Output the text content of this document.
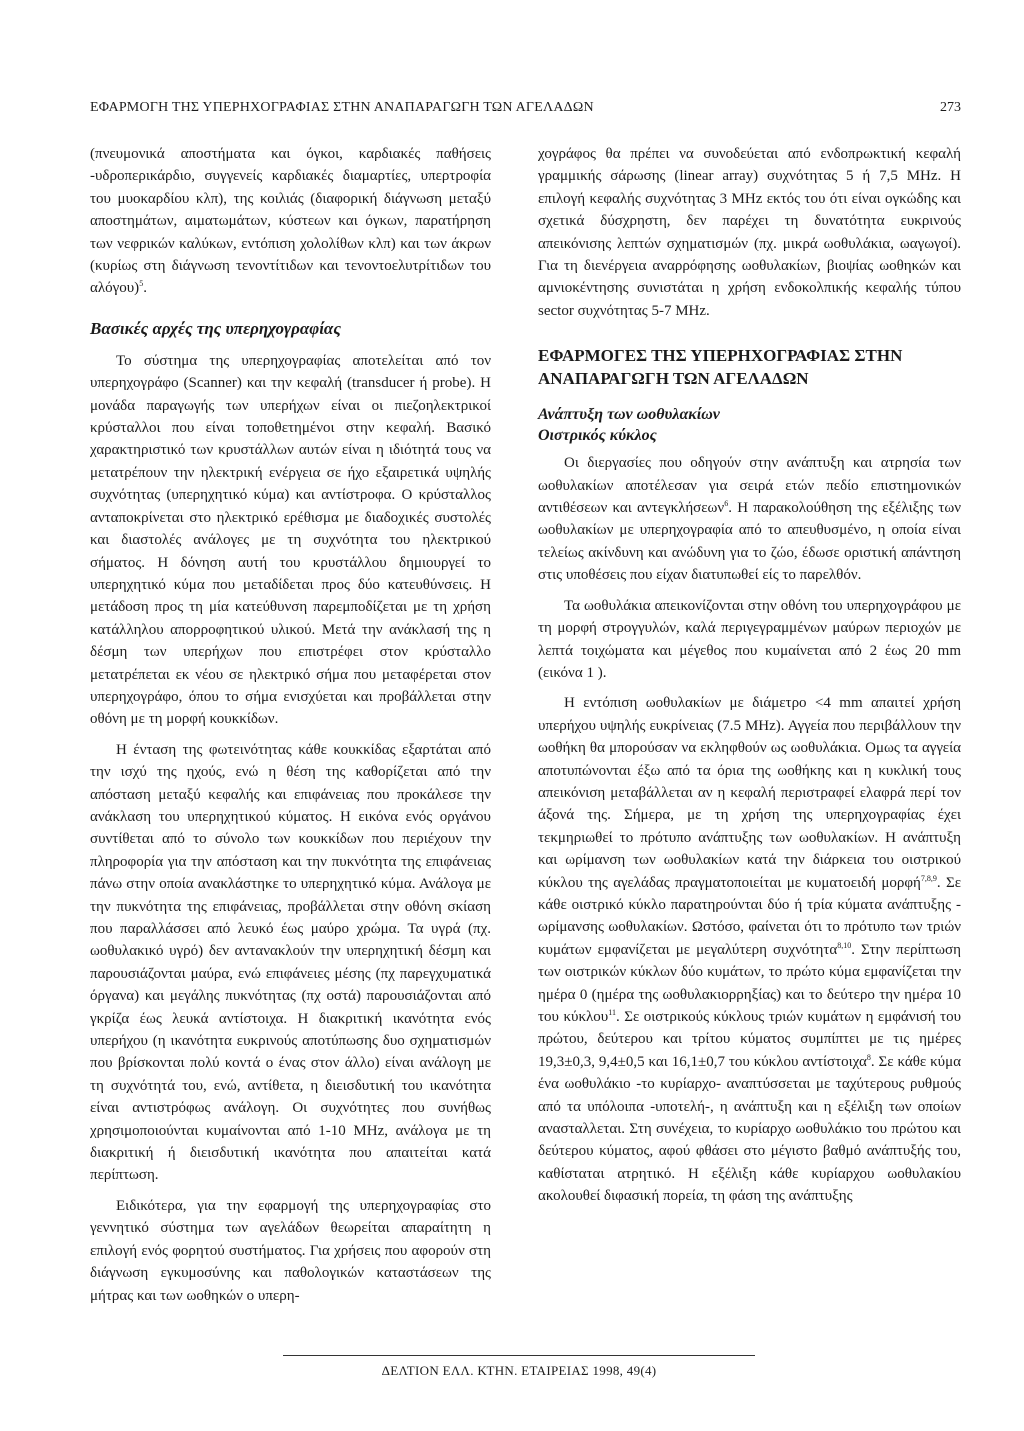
ΕΦΑΡΜΟΓΗ ΤΗΣ ΥΠΕΡΗΧΟΓΡΑΦΙΑΣ ΣΤΗΝ ΑΝΑΠΑΡΑΓΩΓΗ ΤΩΝ ΑΓΕΛΑΔΩΝ	273

(πνευμονικά αποστήματα και όγκοι, καρδιακές παθήσεις -υδροπερικάρδιο, συγγενείς καρδιακές διαμαρτίες, υπερτροφία του μυοκαρδίου κλπ), της κοιλιάς (διαφορική διάγνωση μεταξύ αποστημάτων, αιματωμάτων, κύστεων και όγκων, παρατήρηση των νεφρικών καλύκων, εντόπιση χολολίθων κλπ) και των άκρων (κυρίως στη διάγνωση τενοντίτιδων και τενοντοελυτρίτιδων του αλόγου)$^5$.

Βασικές αρχές της υπερηχογραφίας

Το σύστημα της υπερηχογραφίας αποτελείται από τον υπερηχογράφο (Scanner) και την κεφαλή (transducer ή probe). Η μονάδα παραγωγής των υπερήχων είναι οι πιεζοηλεκτρικοί κρύσταλλοι που είναι τοποθετημένοι στην κεφαλή. Βασικό χαρακτηριστικό των κρυστάλλων αυτών είναι η ιδιότητά τους να μετατρέπουν την ηλεκτρική ενέργεια σε ήχο εξαιρετικά υψηλής συχνότητας (υπερηχητικό κύμα) και αντίστροφα. Ο κρύσταλλος ανταποκρίνεται στο ηλεκτρικό ερέθισμα με διαδοχικές συστολές και διαστολές ανάλογες με τη συχνότητα του ηλεκτρικού σήματος. Η δόνηση αυτή του κρυστάλλου δημιουργεί το υπερηχητικό κύμα που μεταδίδεται προς δύο κατευθύνσεις. Η μετάδοση προς τη μία κατεύθυνση παρεμποδίζεται με τη χρήση κατάλληλου απορροφητικού υλικού. Μετά την ανάκλασή της η δέσμη των υπερήχων που επιστρέφει στον κρύσταλλο μετατρέπεται εκ νέου σε ηλεκτρικό σήμα που μεταφέρεται στον υπερηχογράφο, όπου το σήμα ενισχύεται και προβάλλεται στην οθόνη με τη μορφή κουκκίδων.

Η ένταση της φωτεινότητας κάθε κουκκίδας εξαρτάται από την ισχύ της ηχούς, ενώ η θέση της καθορίζεται από την απόσταση μεταξύ κεφαλής και επιφάνειας που προκάλεσε την ανάκλαση του υπερηχητικού κύματος. Η εικόνα ενός οργάνου συντίθεται από το σύνολο των κουκκίδων που περιέχουν την πληροφορία για την απόσταση και την πυκνότητα της επιφάνειας πάνω στην οποία ανακλάστηκε το υπερηχητικό κύμα. Ανάλογα με την πυκνότητα της επιφάνειας, προβάλλεται στην οθόνη σκίαση που παραλλάσσει από λευκό έως μαύρο χρώμα. Τα υγρά (πχ. ωοθυλακικό υγρό) δεν αντανακλούν την υπερηχητική δέσμη και παρουσιάζονται μαύρα, ενώ επιφάνειες μέσης (πχ παρεγχυματικά όργανα) και μεγάλης πυκνότητας (πχ οστά) παρουσιάζονται από γκρίζα έως λευκά αντίστοιχα. Η διακριτική ικανότητα ενός υπερήχου (η ικανότητα ευκρινούς αποτύπωσης δυο σχηματισμών που βρίσκονται πολύ κοντά ο ένας στον άλλο) είναι ανάλογη με τη συχνότητά του, ενώ, αντίθετα, η διεισδυτική του ικανότητα είναι αντιστρόφως ανάλογη. Οι συχνότητες που συνήθως χρησιμοποιούνται κυμαίνονται από 1-10 MHz, ανάλογα με τη διακριτική ή διεισδυτική ικανότητα που απαιτείται κατά περίπτωση.

Ειδικότερα, για την εφαρμογή της υπερηχογραφίας στο γεννητικό σύστημα των αγελάδων θεωρείται απαραίτητη η επιλογή ενός φορητού συστήματος. Για χρήσεις που αφορούν στη διάγνωση εγκυμοσύνης και παθολογικών καταστάσεων της μήτρας και των ωοθηκών ο υπερη-

χογράφος θα πρέπει να συνοδεύεται από ενδοπρωκτική κεφαλή γραμμικής σάρωσης (linear array) συχνότητας 5 ή 7,5 MHz. Η επιλογή κεφαλής συχνότητας 3 MHz εκτός του ότι είναι ογκώδης και σχετικά δύσχρηστη, δεν παρέχει τη δυνατότητα ευκρινούς απεικόνισης λεπτών σχηματισμών (πχ. μικρά ωοθυλάκια, ωαγωγοί). Για τη διενέργεια αναρρόφησης ωοθυλακίων, βιοψίας ωοθηκών και αμνιοκέντησης συνιστάται η χρήση ενδοκολπικής κεφαλής τύπου sector συχνότητας 5-7 MHz.

ΕΦΑΡΜΟΓΕΣ ΤΗΣ ΥΠΕΡΗΧΟΓΡΑΦΙΑΣ ΣΤΗΝ ΑΝΑΠΑΡΑΓΩΓΗ ΤΩΝ ΑΓΕΛΑΔΩΝ
Ανάπτυξη των ωοθυλακίων
Οιστρικός κύκλος

Οι διεργασίες που οδηγούν στην ανάπτυξη και ατρησία των ωοθυλακίων αποτέλεσαν για σειρά ετών πεδίο επιστημονικών αντιθέσεων και αντεγκλήσεων$^6$. Η παρακολούθηση της εξέλιξης των ωοθυλακίων με υπερηχογραφία από το απευθυσμένο, η οποία είναι τελείως ακίνδυνη και ανώδυνη για το ζώο, έδωσε οριστική απάντηση στις υποθέσεις που είχαν διατυπωθεί είς το παρελθόν.

Τα ωοθυλάκια απεικονίζονται στην οθόνη του υπερηχογράφου με τη μορφή στρογγυλών, καλά περιγεγραμμένων μαύρων περιοχών με λεπτά τοιχώματα και μέγεθος που κυμαίνεται από 2 έως 20 mm (εικόνα 1 ).

Η εντόπιση ωοθυλακίων με διάμετρο <4 mm απαιτεί χρήση υπερήχου υψηλής ευκρίνειας (7.5 MHz). Αγγεία που περιβάλλουν την ωοθήκη θα μπορούσαν να εκληφθούν ως ωοθυλάκια. Ομως τα αγγεία αποτυπώνονται έξω από τα όρια της ωοθήκης και η κυκλική τους απεικόνιση μεταβάλλεται αν η κεφαλή περιστραφεί ελαφρά περί τον άξονά της. Σήμερα, με τη χρήση της υπερηχογραφίας έχει τεκμηριωθεί το πρότυπο ανάπτυξης των ωοθυλακίων. Η ανάπτυξη και ωρίμανση των ωοθυλακίων κατά την διάρκεια του οιστρικού κύκλου της αγελάδας πραγματοποιείται με κυματοειδή μορφή$^{7,8,9}$. Σε κάθε οιστρικό κύκλο παρατηρούνται δύο ή τρία κύματα ανάπτυξης - ωρίμανσης ωοθυλακίων. Ωστόσο, φαίνεται ότι το πρότυπο των τριών κυμάτων εμφανίζεται με μεγαλύτερη συχνότητα$^{8,10}$. Στην περίπτωση των οιστρικών κύκλων δύο κυμάτων, το πρώτο κύμα εμφανίζεται την ημέρα 0 (ημέρα της ωοθυλακιορρηξίας) και το δεύτερο την ημέρα 10 του κύκλου$^{11}$. Σε οιστρικούς κύκλους τριών κυμάτων η εμφάνισή του πρώτου, δεύτερου και τρίτου κύματος συμπίπτει με τις ημέρες 19,3±0,3, 9,4±0,5 και 16,1±0,7 του κύκλου αντίστοιχα$^8$. Σε κάθε κύμα ένα ωοθυλάκιο -το κυρίαρχο- αναπτύσσεται με ταχύτερους ρυθμούς από τα υπόλοιπα -υποτελή-, η ανάπτυξη και η εξέλιξη των οποίων ανασταλλεται. Στη συνέχεια, το κυρίαρχο ωοθυλάκιο του πρώτου και δεύτερου κύματος, αφού φθάσει στο μέγιστο βαθμό ανάπτυξής του, καθίσταται ατρητικό. Η εξέλιξη κάθε κυρίαρχου ωοθυλακίου ακολουθεί διφασική πορεία, τη φάση της ανάπτυξης

ΔΕΛΤΙΟΝ ΕΛΛ. ΚΤΗΝ. ΕΤΑΙΡΕΙΑΣ 1998, 49(4)
